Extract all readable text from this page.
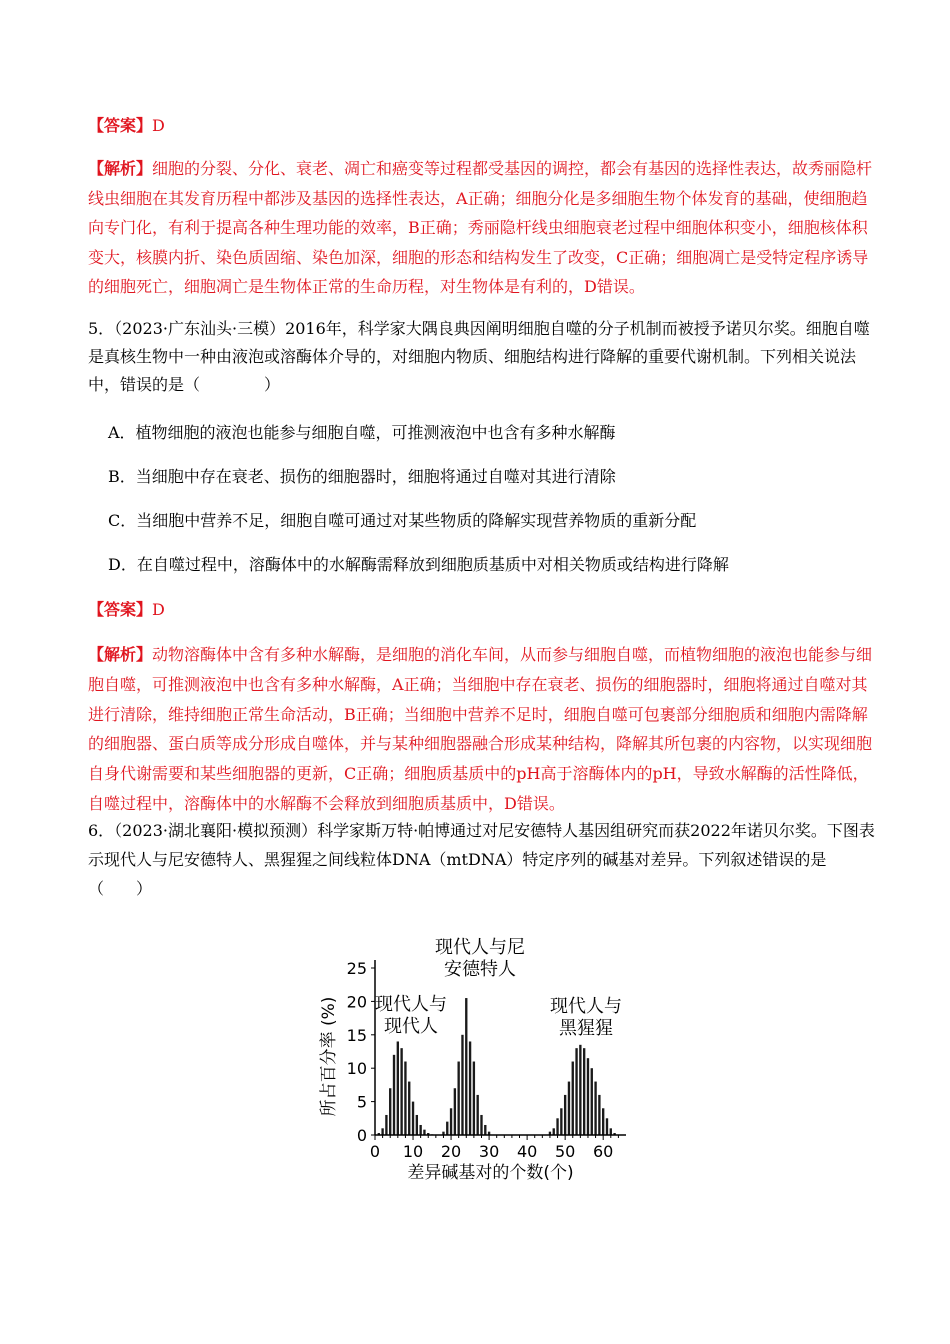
【答案】D
【解析】细胞的分裂、分化、衰老、凋亡和癌变等过程都受基因的调控，都会有基因的选择性表达，故秀丽隐杆线虫细胞在其发育历程中都涉及基因的选择性表达，A正确；细胞分化是多细胞生物个体发育的基础，使细胞趋向专门化，有利于提高各种生理功能的效率，B正确；秀丽隐杆线虫细胞衰老过程中细胞体积变小，细胞核体积变大，核膜内折、染色质固缩、染色加深，细胞的形态和结构发生了改变，C正确；细胞凋亡是受特定程序诱导的细胞死亡，细胞凋亡是生物体正常的生命历程，对生物体是有利的，D错误。
5．（2023·广东汕头·三模）2016年，科学家大隅良典因阐明细胞自噬的分子机制而被授予诺贝尔奖。细胞自噬是真核生物中一种由液泡或溶酶体介导的，对细胞内物质、细胞结构进行降解的重要代谢机制。下列相关说法中，错误的是（　　　　）
A．植物细胞的液泡也能参与细胞自噬，可推测液泡中也含有多种水解酶
B．当细胞中存在衰老、损伤的细胞器时，细胞将通过自噬对其进行清除
C．当细胞中营养不足，细胞自噬可通过对某些物质的降解实现营养物质的重新分配
D．在自噬过程中，溶酶体中的水解酶需释放到细胞质基质中对相关物质或结构进行降解
【答案】D
【解析】动物溶酶体中含有多种水解酶，是细胞的消化车间，从而参与细胞自噬，而植物细胞的液泡也能参与细胞自噬，可推测液泡中也含有多种水解酶，A正确；当细胞中存在衰老、损伤的细胞器时，细胞将通过自噬对其进行清除，维持细胞正常生命活动，B正确；当细胞中营养不足时，细胞自噬可包裹部分细胞质和细胞内需降解的细胞器、蛋白质等成分形成自噬体，并与某种细胞器融合形成某种结构，降解其所包裹的内容物，以实现细胞自身代谢需要和某些细胞器的更新，C正确；细胞质基质中的pH高于溶酶体内的pH，导致水解酶的活性降低，自噬过程中，溶酶体中的水解酶不会释放到细胞质基质中，D错误。
6．（2023·湖北襄阳·模拟预测）科学家斯万特·帕博通过对尼安德特人基因组研究而获2022年诺贝尔奖。下图表示现代人与尼安德特人、黑猩猩之间线粒体DNA（mtDNA）特定序列的碱基对差异。下列叙述错误的是（　　）
0 10 20 30 40 50 60
0
5
10
15
20
25
差异碱基对的个数(个)
所占百分率 (%) 现代人与
现代人
现代人与尼
安德特人
现代人与
黑猩猩
